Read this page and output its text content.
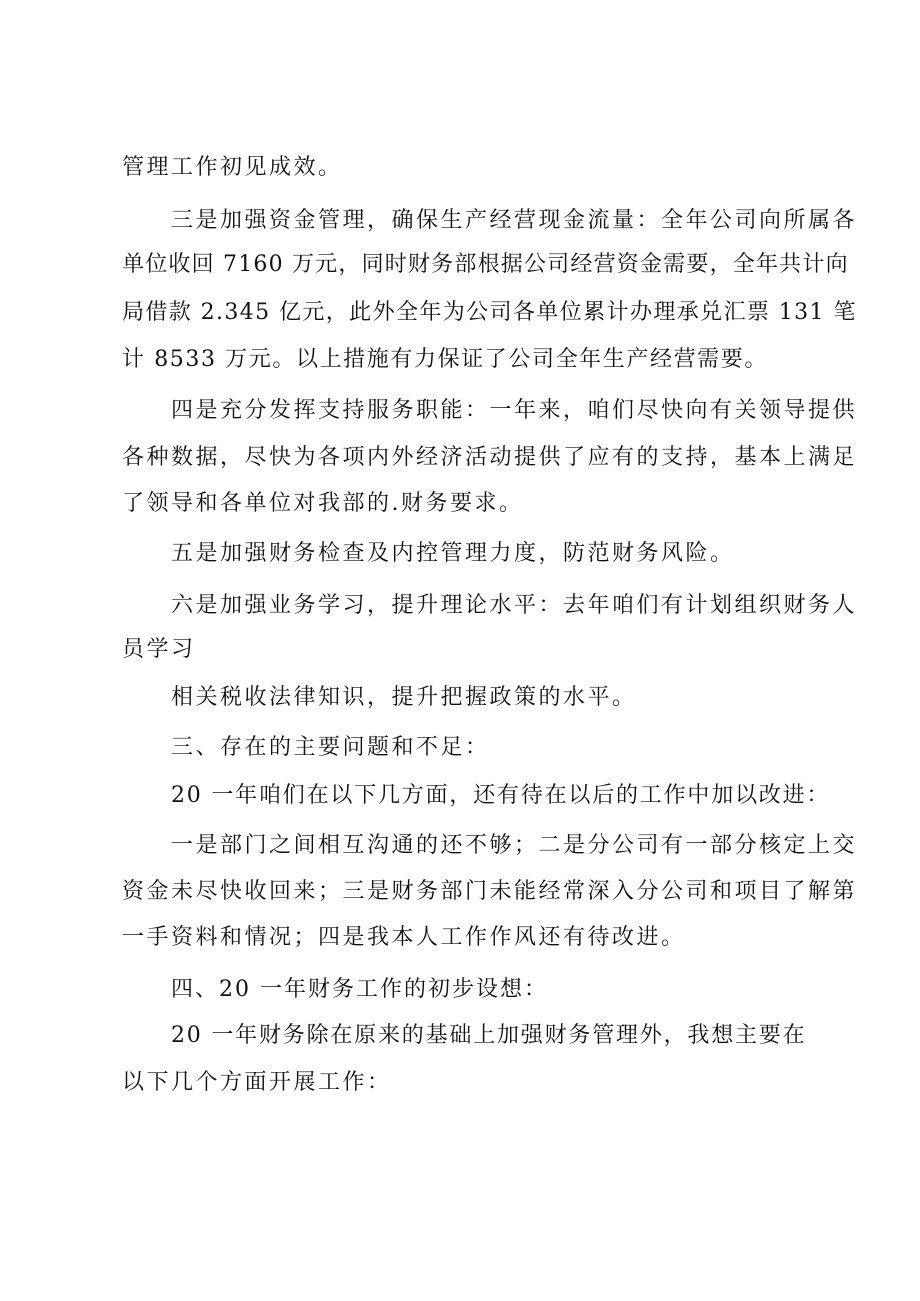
管理工作初见成效。
三是加强资金管理，确保生产经营现金流量：全年公司向所属各
单位收回 7160 万元，同时财务部根据公司经营资金需要，全年共计向
局借款 2.345 亿元，此外全年为公司各单位累计办理承兑汇票 131 笔
计 8533 万元。以上措施有力保证了公司全年生产经营需要。
四是充分发挥支持服务职能：一年来，咱们尽快向有关领导提供
各种数据，尽快为各项内外经济活动提供了应有的支持，基本上满足
了领导和各单位对我部的.财务要求。
五是加强财务检查及内控管理力度，防范财务风险。
六是加强业务学习，提升理论水平：去年咱们有计划组织财务人
员学习
相关税收法律知识，提升把握政策的水平。
三、存在的主要问题和不足：
20 一年咱们在以下几方面，还有待在以后的工作中加以改进：
一是部门之间相互沟通的还不够；二是分公司有一部分核定上交
资金未尽快收回来；三是财务部门未能经常深入分公司和项目了解第
一手资料和情况；四是我本人工作作风还有待改进。
四、20 一年财务工作的初步设想：
20 一年财务除在原来的基础上加强财务管理外，我想主要在
以下几个方面开展工作：
